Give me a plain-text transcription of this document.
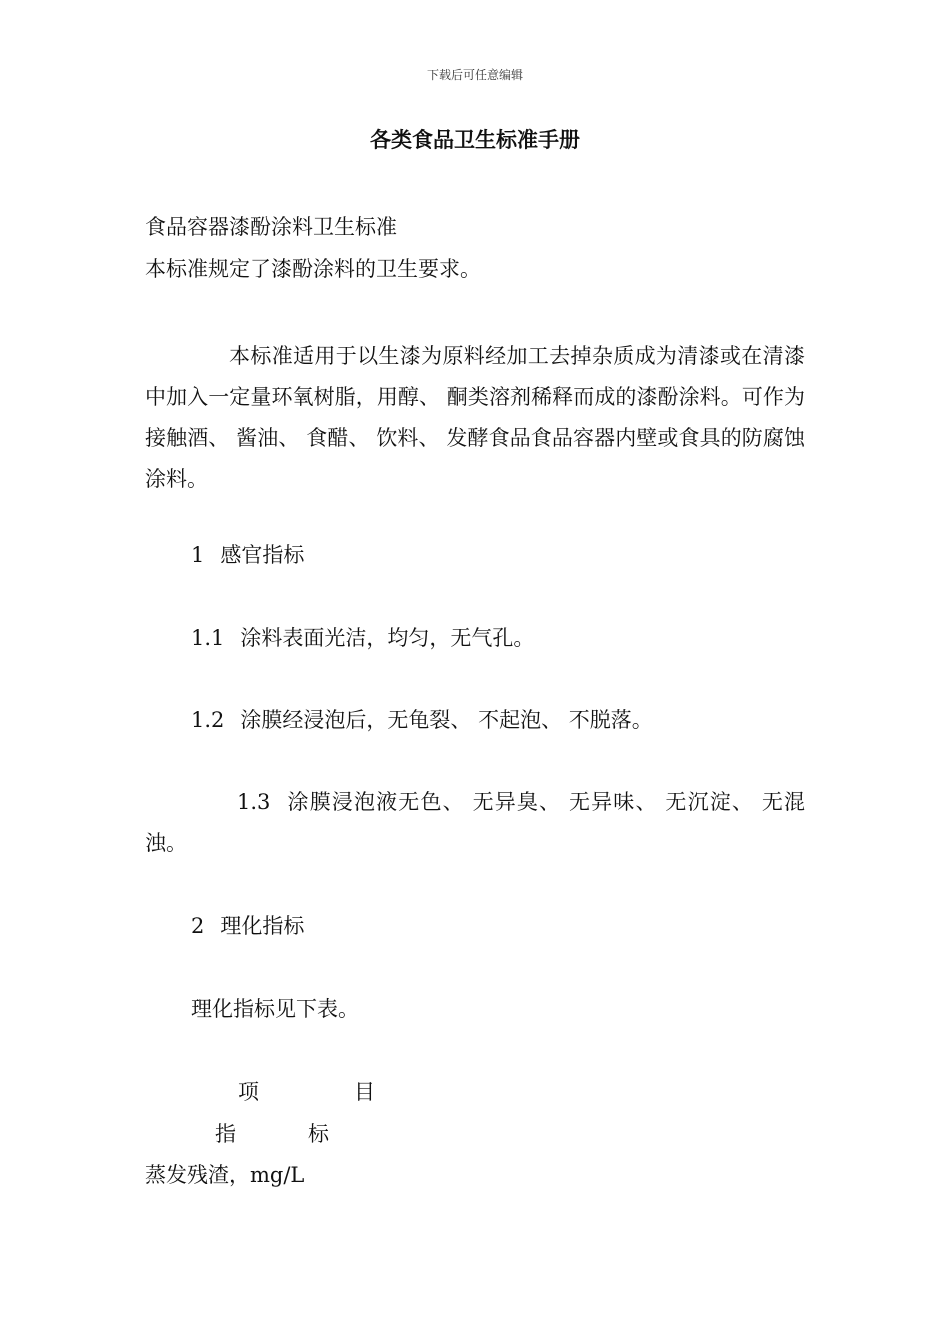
下载后可任意编辑
各类食品卫生标准手册
食品容器漆酚涂料卫生标准
本标准规定了漆酚涂料的卫生要求。
本标准适用于以生漆为原料经加工去掉杂质成为清漆或在清漆中加入一定量环氧树脂，用醇、 酮类溶剂稀释而成的漆酚涂料。可作为接触酒、 酱油、 食醋、 饮料、 发酵食品食品容器内壁或食具的防腐蚀涂料。
1 感官指标
1.1 涂料表面光洁，均匀，无气孔。
1.2 涂膜经浸泡后，无龟裂、 不起泡、 不脱落。
1.3 涂膜浸泡液无色、 无异臭、 无异味、 无沉淀、 无混浊。
2 理化指标
理化指标见下表。
项	目
指	标
蒸发残渣，mg/L
